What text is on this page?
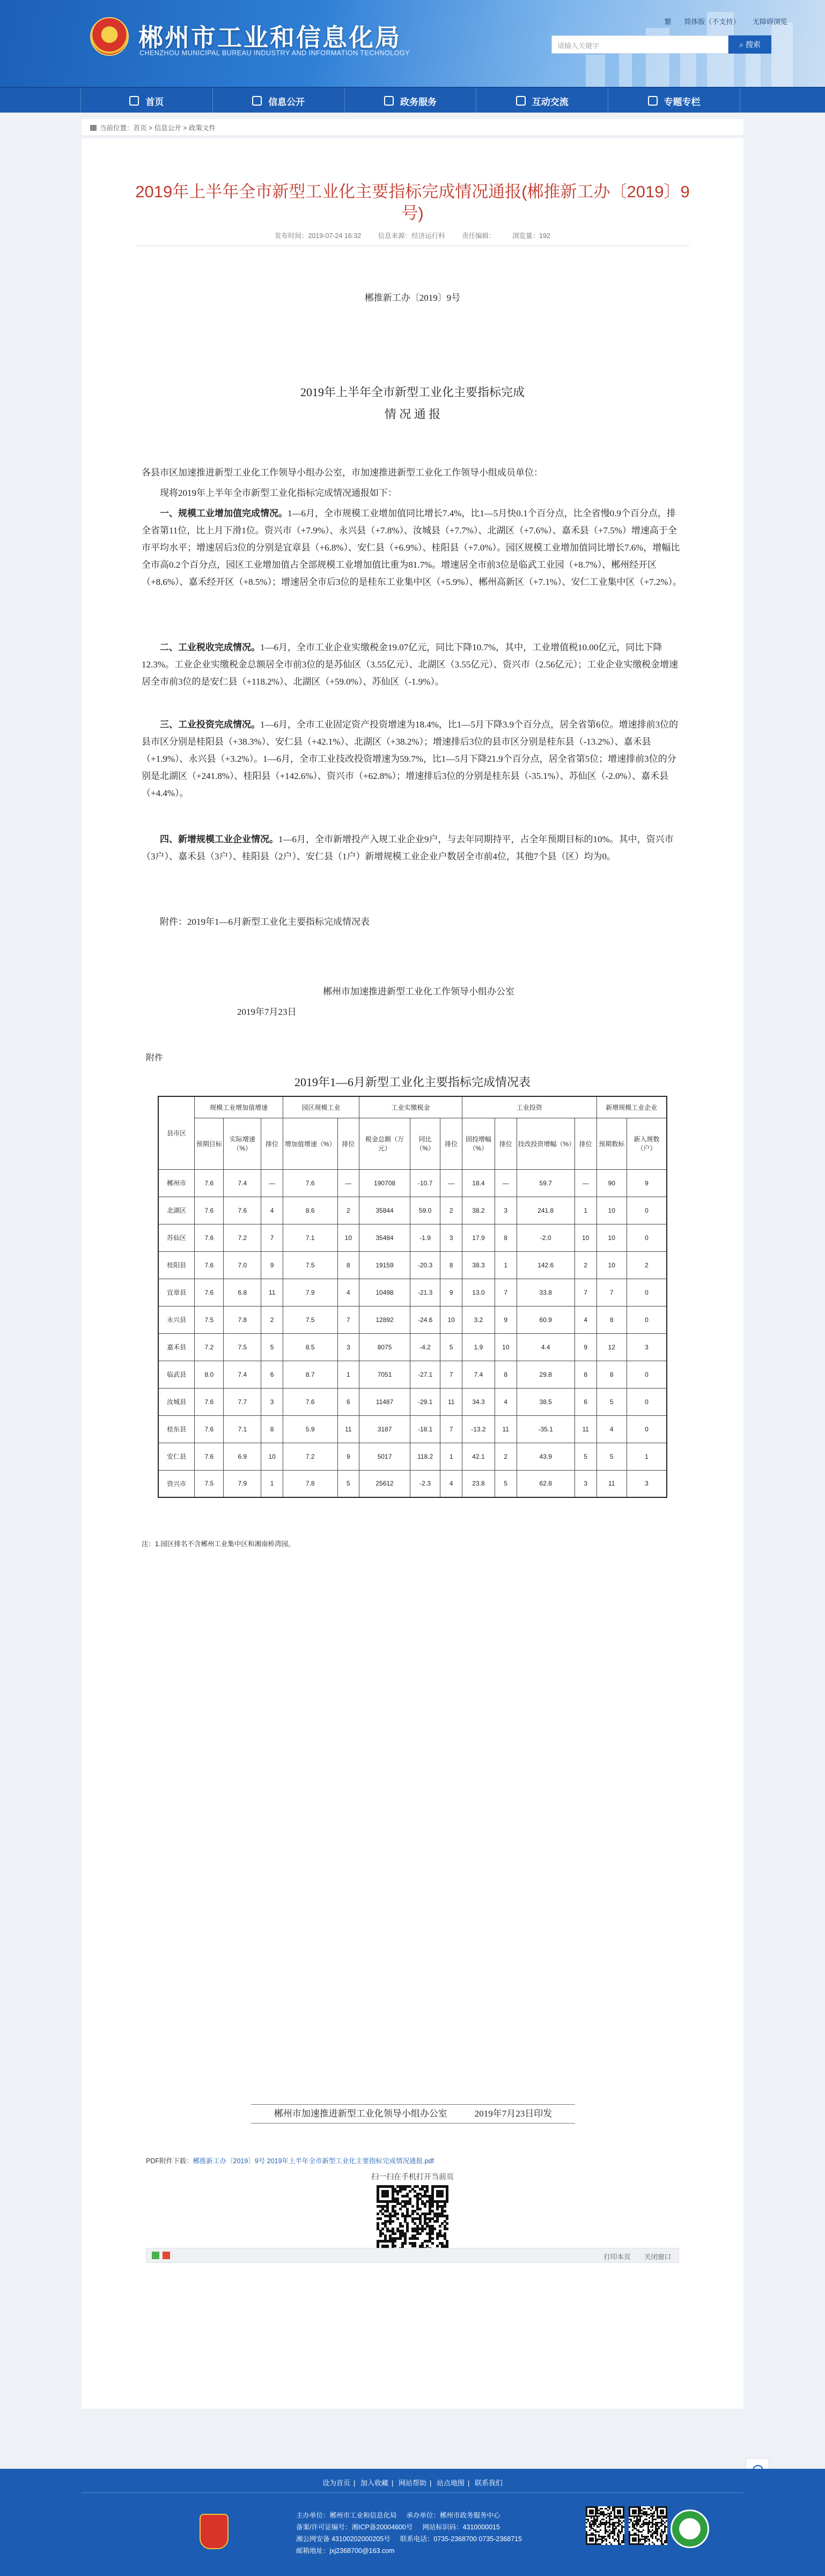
郴州市工业和信息化局
CHENZHOU MUNICIPAL BUREAU INDUSTRY AND INFORMATION TECHNOLOGY
繁 简体版（不支持） 无障碍浏览
请输入关键字	⌕ 搜索
首页	信息公开	政务服务	互动交流	专题专栏
当前位置：首页 > 信息公开 > 政策文件
2019年上半年全市新型工业化主要指标完成情况通报(郴推新工办〔2019〕9号)
发布时间：2019-07-24 16:32	信息来源：经济运行科	责任编辑：	浏览量：192
郴推新工办〔2019〕9号
2019年上半年全市新型工业化主要指标完成
情 况 通 报
各县市区加速推进新型工业化工作领导小组办公室，市加速推进新型工业化工作领导小组成员单位：
现将2019年上半年全市新型工业化指标完成情况通报如下：
一、规模工业增加值完成情况。1—6月，全市规模工业增加值同比增长7.4%，比1—5月快0.1个百分点，比全省慢0.9个百分点，排全省第11位，比上月下滑1位。资兴市（+7.9%）、永兴县（+7.8%）、汝城县（+7.7%）、北湖区（+7.6%）、嘉禾县（+7.5%）增速高于全市平均水平；增速居后3位的分别是宜章县（+6.8%）、安仁县（+6.9%）、桂阳县（+7.0%）。园区规模工业增加值同比增长7.6%，增幅比全市高0.2个百分点，园区工业增加值占全部规模工业增加值比重为81.7%。增速居全市前3位是临武工业园（+8.7%）、郴州经开区（+8.6%）、嘉禾经开区（+8.5%）；增速居全市后3位的是桂东工业集中区（+5.9%）、郴州高新区（+7.1%）、安仁工业集中区（+7.2%）。
二、工业税收完成情况。1—6月，全市工业企业实缴税金19.07亿元，同比下降10.7%，其中，工业增值税10.00亿元，同比下降12.3%。工业企业实缴税金总额居全市前3位的是苏仙区（3.55亿元）、北湖区（3.55亿元）、资兴市（2.56亿元）；工业企业实缴税金增速居全市前3位的是安仁县（+118.2%）、北湖区（+59.0%）、苏仙区（-1.9%）。
三、工业投资完成情况。1—6月，全市工业固定资产投资增速为18.4%，比1—5月下降3.9个百分点，居全省第6位。增速排前3位的县市区分别是桂阳县（+38.3%）、安仁县（+42.1%）、北湖区（+38.2%）；增速排后3位的县市区分别是桂东县（-13.2%）、嘉禾县（+1.9%）、永兴县（+3.2%）。1—6月，全市工业技改投资增速为59.7%，比1—5月下降21.9个百分点，居全省第5位；增速排前3位的分别是北湖区（+241.8%）、桂阳县（+142.6%）、资兴市（+62.8%）；增速排后3位的分别是桂东县（-35.1%）、苏仙区（-2.0%）、嘉禾县（+4.4%）。
四、新增规模工业企业情况。1—6月，全市新增投产入规工业企业9户，与去年同期持平，占全年预期目标的10%。其中，资兴市（3户）、嘉禾县（3户）、桂阳县（2户）、安仁县（1户）新增规模工业企业户数居全市前4位，其他7个县（区）均为0。
附件：2019年1—6月新型工业化主要指标完成情况表
郴州市加速推进新型工业化工作领导小组办公室
2019年7月23日
附件
2019年1—6月新型工业化主要指标完成情况表
县市区	规模工业增加值增速			园区规模工业		工业实缴税金			工业投资				新增规模工业企业	
	预期目标	实际增速（%）	排位	增加值增速（%）	排位	税金总额（万元）	同比（%）	排位	固投增幅（%）	排位	技改投资增幅（%）	排位	预期数标	新入规数（户）
郴州市	7.6	7.4	—	7.6	—	190708	-10.7	—	18.4	—	59.7	—	90	9
北湖区	7.6	7.6	4	8.6	2	35844	59.0	2	38.2	3	241.8	1	10	0
苏仙区	7.6	7.2	7	7.1	10	35484	-1.9	3	17.9	8	-2.0	10	10	0
桂阳县	7.6	7.0	9	7.5	8	19159	-20.3	8	38.3	1	142.6	2	10	2
宜章县	7.6	6.8	11	7.9	4	10498	-21.3	9	13.0	7	33.8	7	7	0
永兴县	7.5	7.8	2	7.5	7	12892	-24.6	10	3.2	9	60.9	4	8	0
嘉禾县	7.2	7.5	5	8.5	3	8075	-4.2	5	1.9	10	4.4	9	12	3
临武县	8.0	7.4	6	8.7	1	7051	-27.1	7	7.4	8	29.8	8	8	0
汝城县	7.6	7.7	3	7.6	6	11487	-29.1	11	34.3	4	38.5	6	5	0
桂东县	7.6	7.1	8	5.9	11	3187	-18.1	7	-13.2	11	-35.1	11	4	0
安仁县	7.6	6.9	10	7.2	9	5017	118.2	1	42.1	2	43.9	5	5	1
资兴市	7.5	7.9	1	7.8	5	25612	-2.3	4	23.8	5	62.8	3	11	3
注：1.园区排名不含郴州工业集中区和湘南桥湾园。
郴州市加速推进新型工业化领导小组办公室　　　2019年7月23日印发
PDF附件下载：郴推新工办〔2019〕9号 2019年上半年全市新型工业化主要指标完成情况通报.pdf
扫一扫在手机打开当前页
打印本页 关闭窗口
设为首页 | 加入收藏 | 网站帮助 | 站点地图 | 联系我们
主办单位：郴州市工业和信息化局 承办单位：郴州市政务服务中心
备案/许可证编号：湘ICP备20004600号 网站标识码：4310000015
湘公网安备 43100202000205号 联系电话：0735-2368700 0735-2368715
邮箱地址：jxj2368700@163.com
